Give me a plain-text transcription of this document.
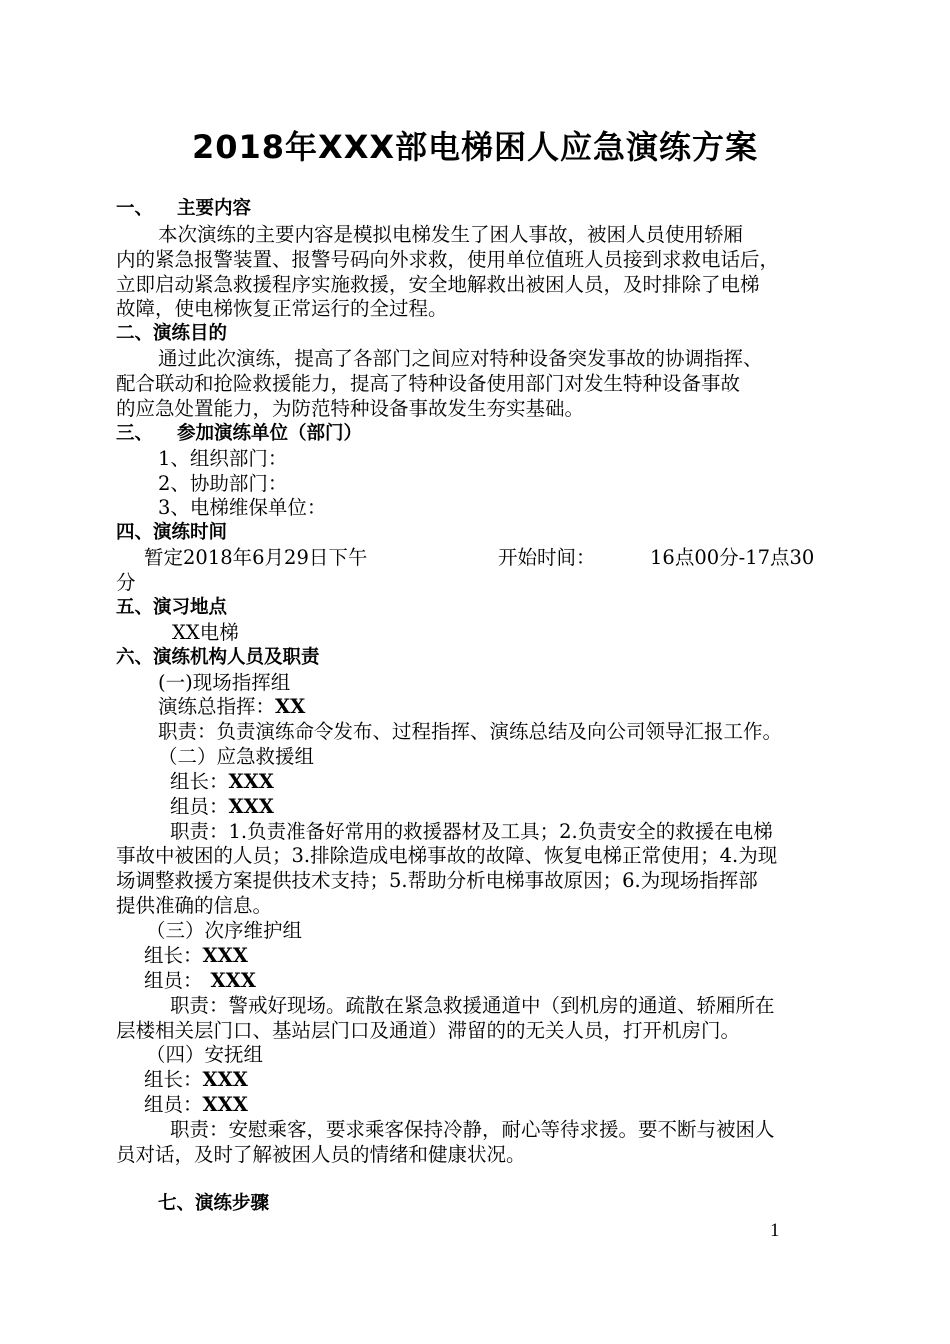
2018年XXX部电梯困人应急演练方案
一、 主要内容
本次演练的主要内容是模拟电梯发生了困人事故，被困人员使用轿厢
内的紧急报警装置、报警号码向外求救，使用单位值班人员接到求救电话后，
立即启动紧急救援程序实施救援，安全地解救出被困人员，及时排除了电梯
故障，使电梯恢复正常运行的全过程。
二、演练目的
通过此次演练，提高了各部门之间应对特种设备突发事故的协调指挥、
配合联动和抢险救援能力，提高了特种设备使用部门对发生特种设备事故
的应急处置能力，为防范特种设备事故发生夯实基础。
三、 参加演练单位（部门）
1、组织部门：
2、协助部门：
3、电梯维保单位：
四、演练时间
暂定2018年6月29日下午	开始时间：	16点00分-17点30
分
五、演习地点
XX电梯
六、演练机构人员及职责
(一)现场指挥组
演练总指挥：XX
职责：负责演练命令发布、过程指挥、演练总结及向公司领导汇报工作。
（二）应急救援组
组长：XXX
组员：XXX
职责：1.负责准备好常用的救援器材及工具；2.负责安全的救援在电梯
事故中被困的人员；3.排除造成电梯事故的故障、恢复电梯正常使用；4.为现
场调整救援方案提供技术支持；5.帮助分析电梯事故原因；6.为现场指挥部
提供准确的信息。
（三）次序维护组
组长：XXX
组员： XXX
职责：警戒好现场。疏散在紧急救援通道中（到机房的通道、轿厢所在
层楼相关层门口、基站层门口及通道）滞留的的无关人员，打开机房门。
（四）安抚组
组长：XXX
组员：XXX
职责：安慰乘客，要求乘客保持冷静，耐心等待求援。要不断与被困人
员对话，及时了解被困人员的情绪和健康状况。
七、演练步骤
1
